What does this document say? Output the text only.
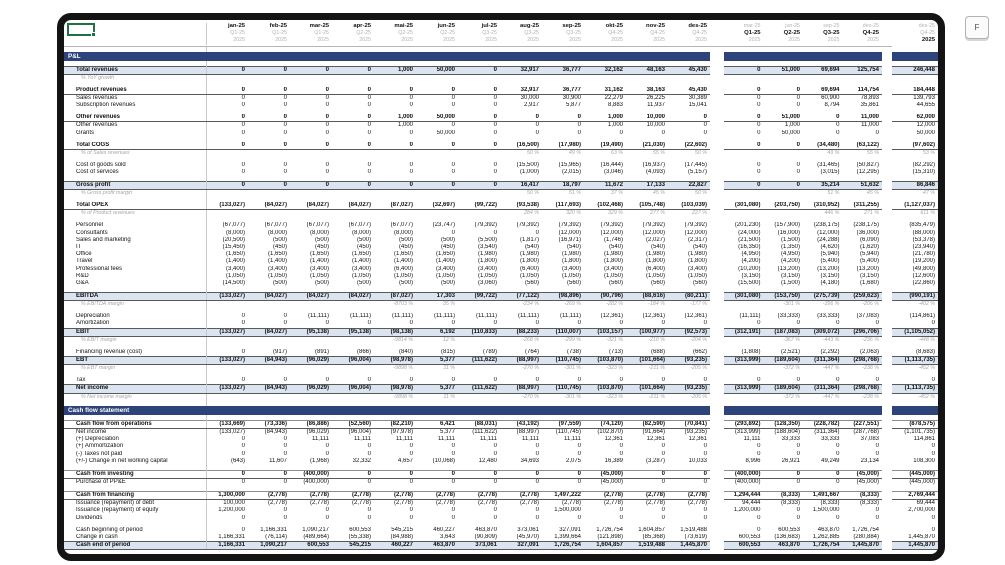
	jan-25	feb-25	mar-25	apr-25	mai-25	jun-25	jul-25	aug-25	sep-25	okt-25	nov-25	des-25		mar-25	jun-25	sep-25	des-25		des-25
	Q1-25	Q1-25	Q1-25	Q2-25	Q2-25	Q2-25	Q3-25	Q3-25	Q3-25	Q4-25	Q4-25	Q4-25		Q1-25	Q2-25	Q3-25	Q4-25		Q4-25
	2025	2025	2025	2025	2025	2025	2025	2025	2025	2025	2025	2025		2025	2025	2025	2025		2025

P&L																			

Total revenues	0	0	0	0	1,000	50,000	0	32,917	36,777	32,162	48,163	45,430		0	51,000	69,694	125,754		246,448
% YoY growth																			

Product revenues	0	0	0	0	0	0	0	32,917	36,777	31,162	38,163	45,430		0	0	69,694	114,754		184,448
Sales revenues	0	0	0	0	0	0	0	30,000	30,900	22,279	26,225	30,389		0	0	60,900	78,893		139,793
Subscription revenues	0	0	0	0	0	0	0	2,917	5,877	8,883	11,937	15,041		0	0	8,794	35,861		44,655

Other revenues	0	0	0	0	1,000	50,000	0	0	0	1,000	10,000	0		0	51,000	0	11,000		62,000
Other revenues	0	0	0	0	1,000	0	0	0	0	1,000	10,000	0		0	1,000	0	11,000		12,000
Grants	0	0	0	0	0	50,000	0	0	0	0	0	0		0	50,000	0	0		50,000

Total COGS	0	0	0	0	0	0	0	(16,500)	(17,980)	(19,490)	(21,030)	(22,602)		0	0	(34,480)	(63,122)		(97,602)
% of Sales revenues								50 %	49 %	63 %	55 %	50 %				49 %	55 %		53 %

Cost of goods sold	0	0	0	0	0	0	0	(15,500)	(15,965)	(16,444)	(16,937)	(17,445)		0	0	(31,465)	(50,827)		(82,292)
Cost of services	0	0	0	0	0	0	0	(1,000)	(2,015)	(3,046)	(4,093)	(5,157)		0	0	(3,015)	(12,295)		(15,310)

Gross profit	0	0	0	0	0	0	0	16,417	18,797	11,672	17,133	22,827		0	0	35,214	51,632		86,846
% Gross profit margin								50 %	51 %	37 %	45 %	50 %				51 %	45 %		47 %

Total OPEX	(133,027)	(84,027)	(84,027)	(84,027)	(87,027)	(32,697)	(99,722)	(93,538)	(117,693)	(102,468)	(105,748)	(103,039)		(301,080)	(203,750)	(310,952)	(311,255)		(1,127,037)
% of Product revenues								284 %	320 %	329 %	277 %	227 %				446 %	271 %		611 %

Personnel	(67,077)	(67,077)	(67,077)	(67,077)	(67,077)	(23,747)	(79,392)	(79,392)	(79,392)	(79,392)	(79,392)	(79,392)		(201,230)	(157,900)	(238,175)	(238,175)		(835,479)
Consultants	(8,000)	(8,000)	(8,000)	(8,000)	(8,000)	0	0	0	(12,000)	(12,000)	(12,000)	(12,000)		(24,000)	(16,000)	(12,000)	(36,000)		(88,000)
Sales and marketing	(20,500)	(500)	(500)	(500)	(500)	(500)	(5,500)	(1,817)	(16,971)	(1,746)	(2,027)	(2,317)		(21,500)	(1,500)	(24,288)	(6,090)		(53,378)
IT	(15,450)	(450)	(450)	(450)	(450)	(450)	(3,540)	(540)	(540)	(540)	(540)	(540)		(16,350)	(1,350)	(4,620)	(1,620)		(23,940)
Office	(1,650)	(1,650)	(1,650)	(1,650)	(1,650)	(1,650)	(1,980)	(1,980)	(1,980)	(1,980)	(1,980)	(1,980)		(4,950)	(4,950)	(5,940)	(5,940)		(21,780)
Travel	(1,400)	(1,400)	(1,400)	(1,400)	(1,400)	(1,400)	(1,800)	(1,800)	(1,800)	(1,800)	(1,800)	(1,800)		(4,200)	(4,200)	(5,400)	(5,400)		(19,200)
Professional fees	(3,400)	(3,400)	(3,400)	(3,400)	(6,400)	(3,400)	(3,400)	(6,400)	(3,400)	(3,400)	(6,400)	(3,400)		(10,200)	(13,200)	(13,200)	(13,200)		(49,800)
R&D	(1,050)	(1,050)	(1,050)	(1,050)	(1,050)	(1,050)	(1,050)	(1,050)	(1,050)	(1,050)	(1,050)	(1,050)		(3,150)	(3,150)	(3,150)	(3,150)		(12,600)
G&A	(14,500)	(500)	(500)	(500)	(500)	(500)	(3,060)	(560)	(560)	(560)	(560)	(560)		(15,500)	(1,500)	(4,180)	(1,680)		(22,860)

EBITDA	(133,027)	(84,027)	(84,027)	(84,027)	(87,027)	17,303	(99,722)	(77,122)	(98,896)	(90,796)	(88,616)	(80,211)		(301,080)	(153,750)	(275,739)	(259,623)		(990,191)
% EBITDA margin					-8703 %	35 %		-234 %	-269 %	-282 %	-184 %	-177 %			-301 %	-396 %	-206 %		-402 %

Depreciation	0	0	(11,111)	(11,111)	(11,111)	(11,111)	(11,111)	(11,111)	(11,111)	(12,361)	(12,361)	(12,361)		(11,111)	(33,333)	(33,333)	(37,083)		(114,861)
Amortization	0	0	0	0	0	0	0	0	0	0	0	0		0	0	0	0		0
EBIT	(133,027)	(84,027)	(95,138)	(95,138)	(98,138)	6,192	(110,833)	(88,233)	(110,007)	(103,157)	(100,977)	(92,573)		(312,191)	(187,083)	(309,072)	(296,706)		(1,105,052)
% EBIT margin					-9814 %	12 %		-268 %	-299 %	-321 %	-210 %	-204 %			-367 %	-443 %	-236 %		-448 %

Financing revenue (cost)	0	(917)	(891)	(866)	(840)	(815)	(789)	(764)	(738)	(713)	(688)	(662)		(1,808)	(2,521)	(2,292)	(2,063)		(8,683)
EBT	(133,027)	(84,943)	(96,029)	(96,004)	(98,978)	5,377	(111,622)	(88,997)	(110,745)	(103,870)	(101,664)	(93,235)		(313,999)	(189,604)	(311,364)	(298,768)		(1,113,735)
% EBT margin					-9898 %	11 %		-270 %	-301 %	-323 %	-211 %	-205 %			-372 %	-447 %	-238 %		-452 %

Tax	0	0	0	0	0	0	0	0	0	0	0	0		0	0	0	0		0
Net income	(133,027)	(84,943)	(96,029)	(96,004)	(98,978)	5,377	(111,622)	(88,997)	(110,745)	(103,870)	(101,664)	(93,235)		(313,999)	(189,604)	(311,364)	(298,768)		(1,113,735)
% Net income margin					-9898 %	11 %		-270 %	-301 %	-323 %	-211 %	-205 %			-372 %	-447 %	-238 %		-452 %

Cash flow statement																			

Cash flow from operations	(133,669)	(73,336)	(86,886)	(52,560)	(82,210)	6,421	(88,031)	(43,192)	(97,559)	(74,120)	(82,590)	(70,841)		(293,892)	(128,350)	(228,782)	(227,551)		(878,575)
Net income	(133,027)	(84,943)	(96,029)	(96,004)	(97,978)	5,377	(111,622)	(88,997)	(110,745)	(102,870)	(91,664)	(93,235)		(313,999)	(188,604)	(311,364)	(287,768)		(1,101,735)
(+) Depreciation	0	0	11,111	11,111	11,111	11,111	11,111	11,111	11,111	12,361	12,361	12,361		11,111	33,333	33,333	37,083		114,861
(+) Ammortization	0	0	0	0	0	0	0	0	0	0	0	0		0	0	0	0		0
(-) Taxes not paid	0	0	0	0	0	0	0	0	0	0	0	0		0	0	0	0		0
(+/-) Change in net working capital	(643)	11,607	(1,968)	32,332	4,657	(10,068)	12,480	34,693	2,075	16,389	(3,287)	10,033		8,996	26,921	49,249	23,134		108,300

Cash from investing	0	0	(400,000)	0	0	0	0	0	0	(45,000)	0	0		(400,000)	0	0	(45,000)		(445,000)
Purchase of PP&E	0	0	(400,000)	0	0	0	0	0	0	(45,000)	0	0		(400,000)	0	0	(45,000)		(445,000)

Cash from financing	1,300,000	(2,778)	(2,778)	(2,778)	(2,778)	(2,778)	(2,778)	(2,778)	1,497,222	(2,778)	(2,778)	(2,778)		1,294,444	(8,333)	1,491,667	(8,333)		2,769,444
Issuance (repayment) of debt	100,000	(2,778)	(2,778)	(2,778)	(2,778)	(2,778)	(2,778)	(2,778)	(2,778)	(2,778)	(2,778)	(2,778)		94,444	(8,333)	(8,333)	(8,333)		69,444
Issuance (repayment) of equity	1,200,000	0	0	0	0	0	0	0	1,500,000	0	0	0		1,200,000	0	1,500,000	0		2,700,000
Dividends	0	0	0	0	0	0	0	0	0	0	0	0		0	0	0	0		0

Cash beginning of period	0	1,166,331	1,090,217	600,553	545,215	460,227	463,870	373,061	327,091	1,726,754	1,604,857	1,519,488		0	600,553	463,870	1,726,754		0
Change in cash	1,166,331	(76,114)	(489,664)	(55,338)	(84,988)	3,643	(90,809)	(45,970)	1,399,664	(121,898)	(85,368)	(73,619)		600,553	(136,683)	1,262,885	(280,884)		1,445,870
Cash end of period	1,166,331	1,090,217	600,553	545,215	460,227	463,870	373,061	327,091	1,726,754	1,604,857	1,519,488	1,445,870		600,553	463,870	1,726,754	1,445,870		1,445,870
F
